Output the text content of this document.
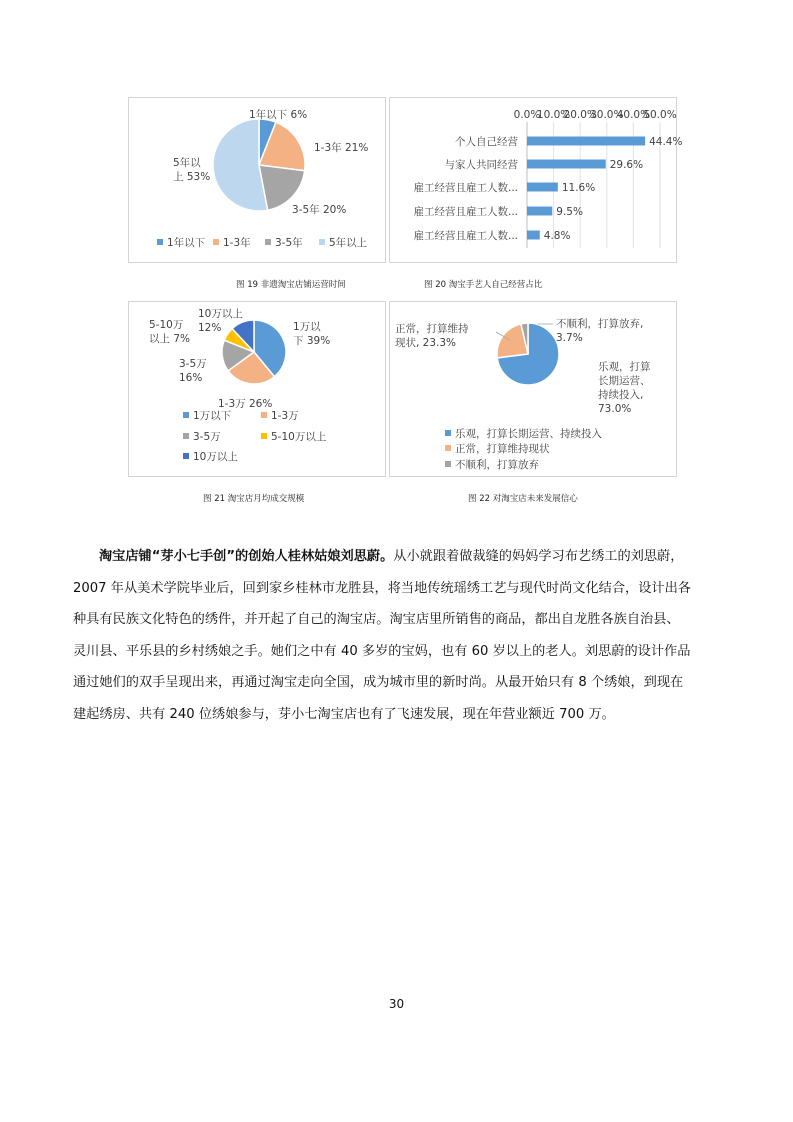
1年以下 6%
1-3年 21%
3-5年 20%
5年以
上 53%
1年以下 1-3年 3-5年	5年以上
图 19 非遗淘宝店铺运营时间
0.0%
10.0%
20.0%
30.0%
40.0%
50.0%
个人自己经营	44.4%
与家人共同经营	29.6%
雇工经营且雇工人数...	11.6%
雇工经营且雇工人数...	9.5%
雇工经营且雇工人数... 4.8%
图 20 淘宝手艺人自己经营占比
1万以
下 39%
1-3万 26%
3-5万
16%
5-10万
以上 7%
10万以上
12%
1万以下	1-3万
3-5万	5-10万以上
10万以上
图 21 淘宝店月均成交规模
乐观，打算
长期运营、
持续投入,
73.0%
正常，打算维持
现状, 23.3%
不顺利，打算放弃,
3.7%
乐观，打算长期运营、持续投入
正常，打算维持现状
不顺利，打算放弃
图 22 对淘宝店未来发展信心

淘宝店铺“芽小七手创”的创始人桂林姑娘刘思蔚。从小就跟着做裁缝的妈妈学习布艺绣工的刘思蔚，

2007 年从美术学院毕业后，回到家乡桂林市龙胜县，将当地传统瑶绣工艺与现代时尚文化结合，设计出各
种具有民族文化特色的绣件，并开起了自己的淘宝店。淘宝店里所销售的商品，都出自龙胜各族自治县、
灵川县、平乐县的乡村绣娘之手。她们之中有 40 多岁的宝妈，也有 60 岁以上的老人。刘思蔚的设计作品
通过她们的双手呈现出来，再通过淘宝走向全国，成为城市里的新时尚。从最开始只有 8 个绣娘，到现在
建起绣房、共有 240 位绣娘参与，芽小七淘宝店也有了飞速发展，现在年营业额近 700 万。
30
